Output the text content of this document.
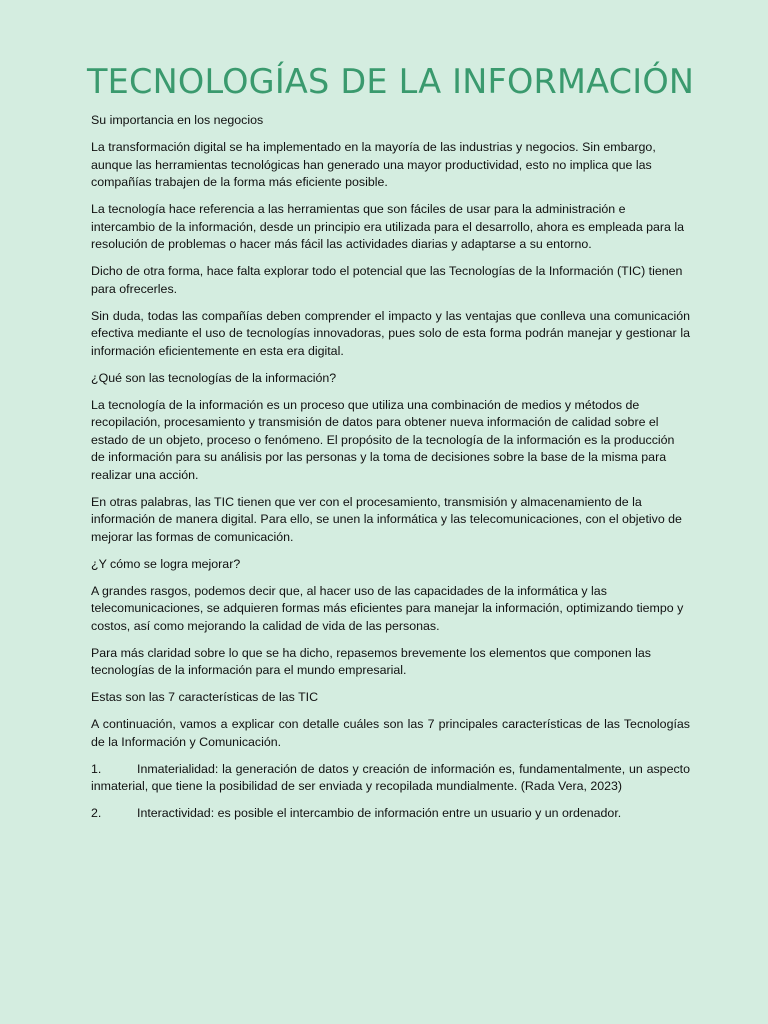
TECNOLOGÍAS DE LA INFORMACIÓN

Su importancia en los negocios

La transformación digital se ha implementado en la mayoría de las industrias y negocios. Sin embargo, aunque las herramientas tecnológicas han generado una mayor productividad, esto no implica que las compañías trabajen de la forma más eficiente posible.

La tecnología hace referencia a las herramientas que son fáciles de usar para la administración e intercambio de la información, desde un principio era utilizada para el desarrollo, ahora es empleada para la resolución de problemas o hacer más fácil las actividades diarias y adaptarse a su entorno.

Dicho de otra forma, hace falta explorar todo el potencial que las Tecnologías de la Información (TIC) tienen para ofrecerles.

Sin duda, todas las compañías deben comprender el impacto y las ventajas que conlleva una comunicación efectiva mediante el uso de tecnologías innovadoras, pues solo de esta forma podrán manejar y gestionar la información eficientemente en esta era digital.

¿Qué son las tecnologías de la información?

La tecnología de la información es un proceso que utiliza una combinación de medios y métodos de recopilación, procesamiento y transmisión de datos para obtener nueva información de calidad sobre el estado de un objeto, proceso o fenómeno. El propósito de la tecnología de la información es la producción de información para su análisis por las personas y la toma de decisiones sobre la base de la misma para realizar una acción.

En otras palabras, las TIC tienen que ver con el procesamiento, transmisión y almacenamiento de la información de manera digital. Para ello, se unen la informática y las telecomunicaciones, con el objetivo de mejorar las formas de comunicación.

¿Y cómo se logra mejorar?

A grandes rasgos, podemos decir que, al hacer uso de las capacidades de la informática y las telecomunicaciones, se adquieren formas más eficientes para manejar la información, optimizando tiempo y costos, así como mejorando la calidad de vida de las personas.

Para más claridad sobre lo que se ha dicho, repasemos brevemente los elementos que componen las tecnologías de la información para el mundo empresarial.

Estas son las 7 características de las TIC

A continuación, vamos a explicar con detalle cuáles son las 7 principales características de las Tecnologías de la Información y Comunicación.

1.	Inmaterialidad: la generación de datos y creación de información es, fundamentalmente, un aspecto inmaterial, que tiene la posibilidad de ser enviada y recopilada mundialmente. (Rada Vera, 2023)

2.	Interactividad: es posible el intercambio de información entre un usuario y un ordenador.
